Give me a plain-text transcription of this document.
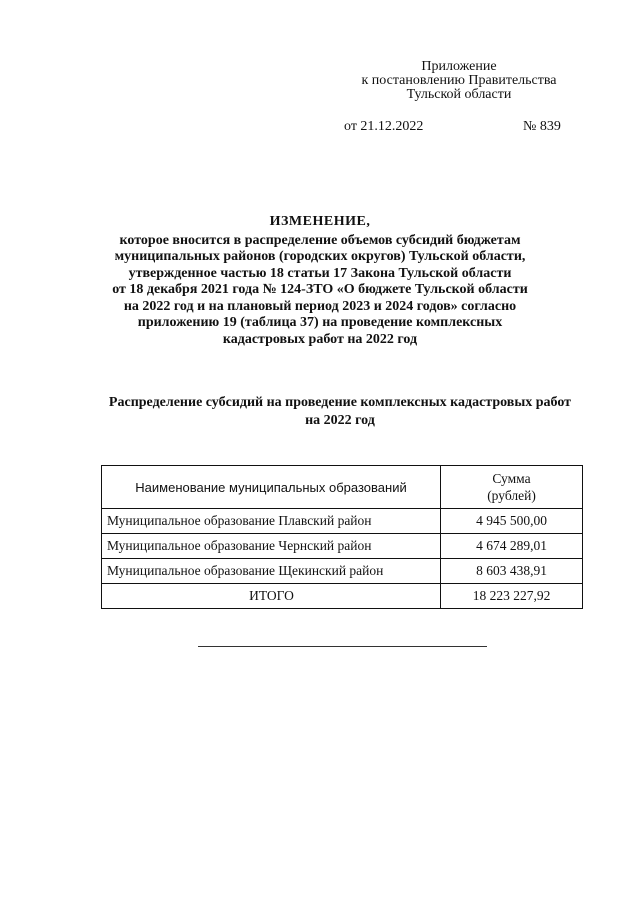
Приложение
к постановлению Правительства
Тульской области
от 21.12.2022	№ 839
ИЗМЕНЕНИЕ,
которое вносится в распределение объемов субсидий бюджетам
муниципальных районов (городских округов) Тульской области,
утвержденное частью 18 статьи 17 Закона Тульской области
от 18 декабря 2021 года № 124-ЗТО «О бюджете Тульской области
на 2022 год и на плановый период 2023 и 2024 годов» согласно
приложению 19 (таблица 37) на проведение комплексных
кадастровых работ на 2022 год
Распределение субсидий на проведение комплексных кадастровых работ
на 2022 год
Наименование муниципальных образований	Сумма
(рублей)

Муниципальное образование Плавский район	4 945 500,00
Муниципальное образование Чернский район	4 674 289,01
Муниципальное образование Щекинский район	8 603 438,91
ИТОГО	18 223 227,92
